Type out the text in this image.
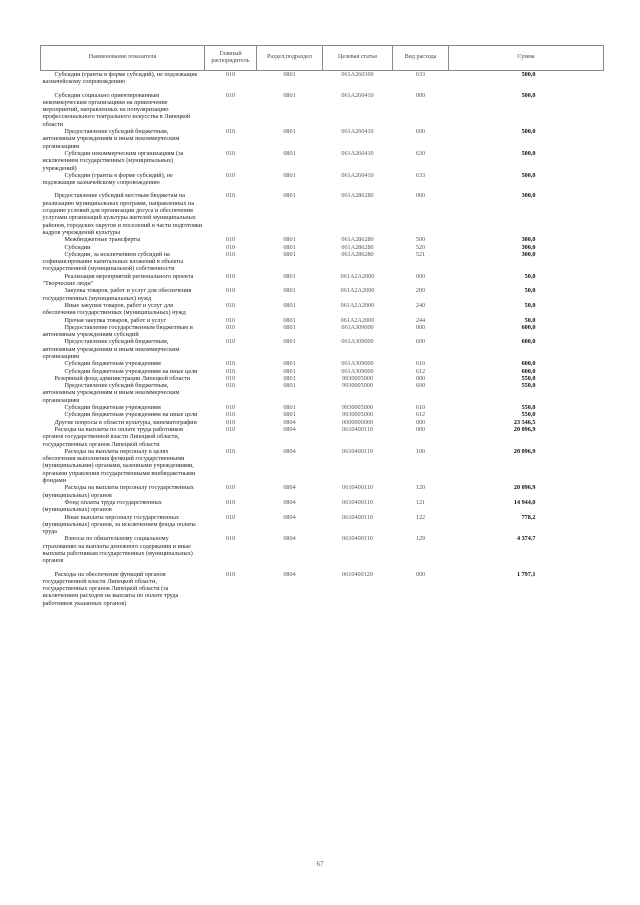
Наименование показателя	Главный распорядитель	Раздел,подраздел	Целевая статья	Вид расхода	Сумма
Субсидии (гранты в форме субсидий), не подлежащие казначейскому сопровождению	010	0801	061A260360	633	500,0

Субсидии социально ориентированным некоммерческим организациям на привлечение мероприятий, направленных на популяризацию профессионального театрального искусства в Липецкой области	010	0801	061A260410	000	500,0
Предоставление субсидий бюджетным, автономным учреждениям и иным некоммерческим организациям	010	0801	061A260410	600	500,0
Субсидии некоммерческим организациям (за исключением государственных (муниципальных) учреждений)	010	0801	061A260410	630	500,0
Субсидии (гранты в форме субсидий), не подлежащие казначейскому сопровождению	010	0801	061A260410	633	500,0

Предоставление субсидий местным бюджетам на реализацию муниципальных программ, направленных на создание условий для организации досуга и обеспечения услугами организаций культуры жителей муниципальных районов, городских округов и поселений в части подготовки кадров учреждений культуры	010	0801	061A286280	000	300,0
Межбюджетные трансферты	010	0801	061A286280	500	300,0
Субсидии	010	0801	061A286280	520	300,0
Субсидии, за исключением субсидий на софинансирование капитальных вложений в объекты государственной (муниципальной) собственности	010	0801	061A286280	521	300,0
Реализация мероприятий регионального проекта "Творческие люди"	010	0801	061A2A2000	000	50,0
Закупка товаров, работ и услуг для обеспечения государственных (муниципальных) нужд	010	0801	061A2A2000	200	50,0
Иные закупки товаров, работ и услуг для обеспечения государственных (муниципальных) нужд	010	0801	061A2A2000	240	50,0
Прочая закупка товаров, работ и услуг	010	0801	061A2A2000	244	50,0
Предоставление государственным бюджетным и автономным учреждениям субсидий	010	0801	061A309000	000	600,0
Предоставление субсидий бюджетным, автономным учреждениям и иным некоммерческим организациям	010	0801	061A309000	600	600,0
Субсидии бюджетным учреждениям	010	0801	061A309000	610	600,0
Субсидии бюджетным учреждениям на иные цели	010	0801	061A309000	612	600,0
Резервный фонд администрации Липецкой области	010	0801	9930005000	000	550,0
Предоставление субсидий бюджетным, автономным учреждениям и иным некоммерческим организациям	010	0801	9930005000	600	550,0
Субсидии бюджетным учреждениям	010	0801	9930005000	610	550,0
Субсидии бюджетным учреждениям на иные цели	010	0801	9930005000	612	550,0
Другие вопросы в области культуры, кинематографии	010	0804	0000000000	000	23 546,5
Расходы на выплаты по оплате труда работников органов государственной власти Липецкой области, государственных органов Липецкой области	010	0804	0610400110	000	20 096,9
Расходы на выплаты персоналу в целях обеспечения выполнения функций государственными (муниципальными) органами, казенными учреждениями, органами управления государственными внебюджетными фондами	010	0804	0610400110	100	20 096,9
Расходы на выплаты персоналу государственных (муниципальных) органов	010	0804	0610400110	120	20 096,9
Фонд оплаты труда государственных (муниципальных) органов	010	0804	0610400110	121	14 944,0
Иные выплаты персоналу государственных (муниципальных) органов, за исключением фонда оплаты труда	010	0804	0610400110	122	778,2
Взносы по обязательному социальному страхованию на выплаты денежного содержания и иные выплаты работникам государственных (муниципальных) органов	010	0804	0610400110	129	4 374,7

Расходы на обеспечение функций органов государственной власти Липецкой области, государственных органов Липецкой области (за исключением расходов на выплаты по оплате труда работников указанных органов)	010	0804	0610400120	000	1 797,1
67
